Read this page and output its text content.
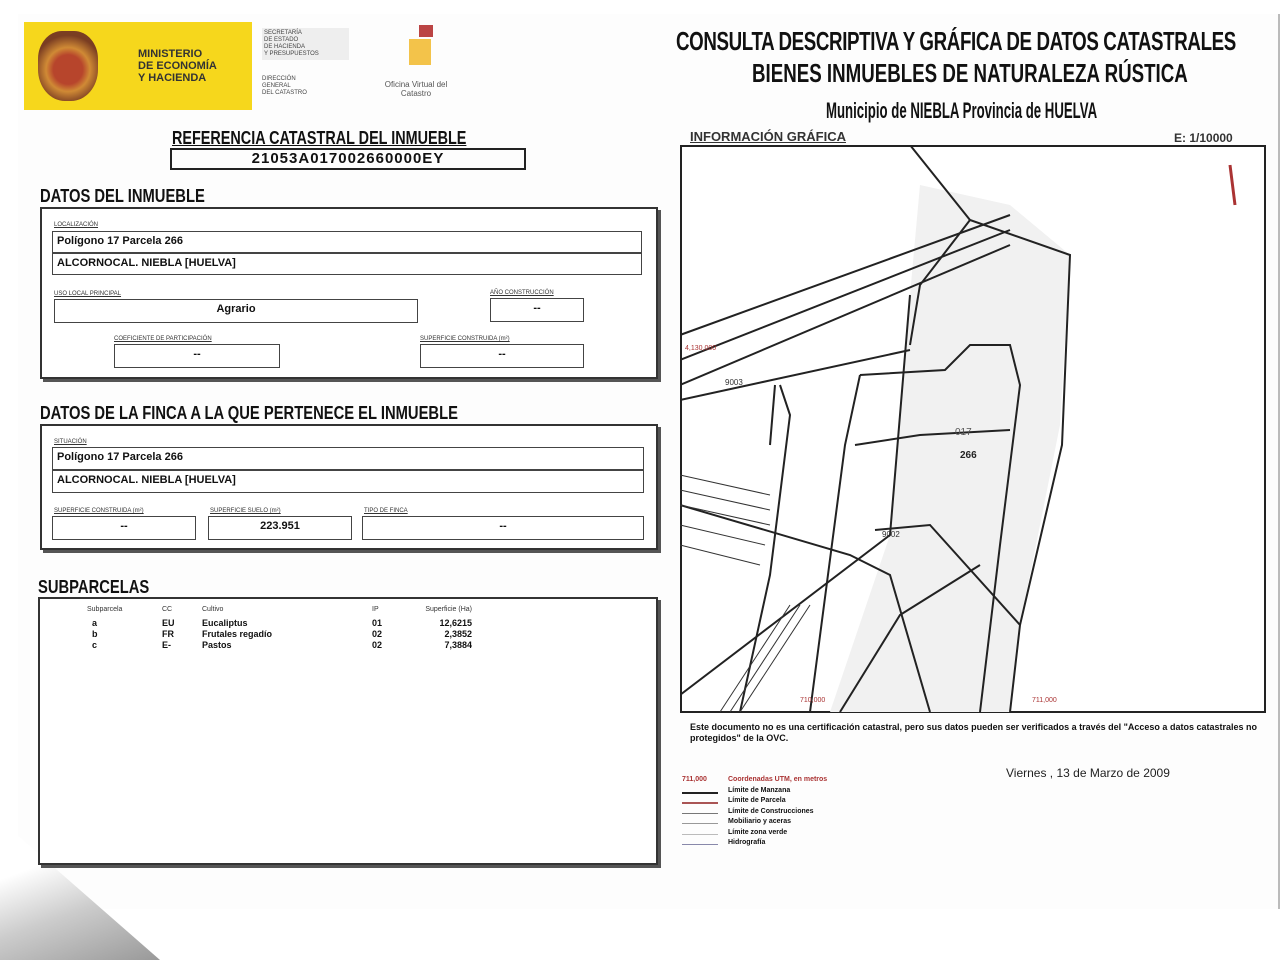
MINISTERIO
DE ECONOMÍA
Y HACIENDA
SECRETARÍA
DE ESTADO
DE HACIENDA
Y PRESUPUESTOS
DIRECCIÓN
GENERAL
DEL CATASTRO
Oficina Virtual del Catastro
CONSULTA DESCRIPTIVA Y GRÁFICA DE DATOS CATASTRALES
BIENES INMUEBLES DE NATURALEZA RÚSTICA
Municipio de NIEBLA Provincia de HUELVA
REFERENCIA CATASTRAL DEL INMUEBLE
21053A017002660000EY
DATOS DEL INMUEBLE
LOCALIZACIÓN
Polígono 17 Parcela 266
ALCORNOCAL. NIEBLA [HUELVA]
USO LOCAL PRINCIPAL
Agrario
AÑO CONSTRUCCIÓN
--
COEFICIENTE DE PARTICIPACIÓN
--
SUPERFICIE CONSTRUIDA (m²)
--
DATOS DE LA FINCA A LA QUE PERTENECE EL INMUEBLE
SITUACIÓN
Polígono 17 Parcela 266
ALCORNOCAL. NIEBLA [HUELVA]
SUPERFICIE CONSTRUIDA (m²)
--
SUPERFICIE SUELO (m²)
223.951
TIPO DE FINCA
--
SUBPARCELAS
Subparcela	CC	Cultivo	IP	Superficie (Ha)
a	EU	Eucaliptus	01	12,6215
b	FR	Frutales regadío	02	2,3852
c	E-	Pastos	02	7,3884
INFORMACIÓN GRÁFICA	E: 1/10000
4,130,000
9003
017
266
9002
710,000	711,000
Este documento no es una certificación catastral, pero sus datos pueden ser verificados a través del "Acceso a datos catastrales no protegidos" de la OVC.
Viernes , 13 de Marzo de 2009
711,000	Coordenadas UTM, en metros
Límite de Manzana
Límite de Parcela
Límite de Construcciones
Mobiliario y aceras
Límite zona verde
Hidrografía
